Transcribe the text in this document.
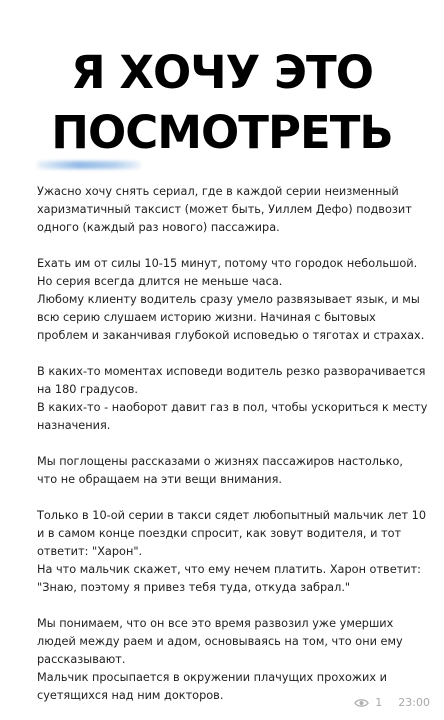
Я ХОЧУ ЭТО
ПОСМОТРЕТЬ
Ужасно хочу снять сериал, где в каждой серии неизменный
харизматичный таксист (может быть, Уиллем Дефо) подвозит
одного (каждый раз нового) пассажира.
Ехать им от силы 10-15 минут, потому что городок небольшой.
Но серия всегда длится не меньше часа.
Любому клиенту водитель сразу умело развязывает язык, и мы
всю серию слушаем историю жизни. Начиная с бытовых
проблем и заканчивая глубокой исповедью о тяготах и страхах.
В каких-то моментах исповеди водитель резко разворачивается
на 180 градусов.
В каких-то - наоборот давит газ в пол, чтобы ускориться к месту
назначения.
Мы поглощены рассказами о жизнях пассажиров настолько,
что не обращаем на эти вещи внимания.
Только в 10-ой серии в такси сядет любопытный мальчик лет 10
и в самом конце поездки спросит, как зовут водителя, и тот
ответит: "Харон".
На что мальчик скажет, что ему нечем платить. Харон ответит:
"Знаю, поэтому я привез тебя туда, откуда забрал."
Мы понимаем, что он все это время развозил уже умерших
людей между раем и адом, основываясь на том, что они ему
рассказывают.
Мальчик просыпается в окружении плачущих прохожих и
суетящихся над ним докторов.
1 23:00
